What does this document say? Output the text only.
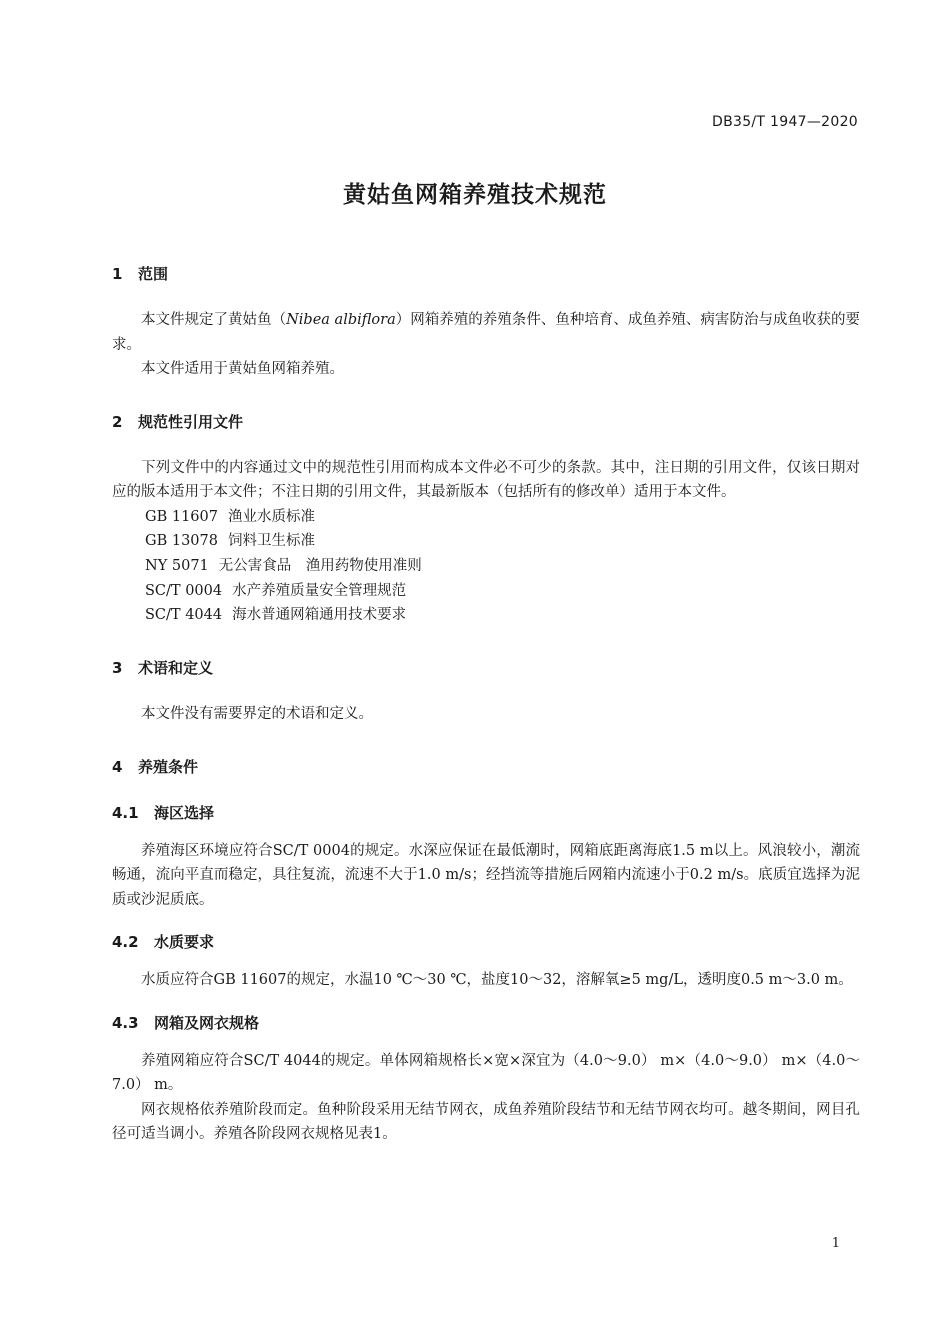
DB35/T 1947—2020
黄姑鱼网箱养殖技术规范
1 范围

本文件规定了黄姑鱼（Nibea albiflora）网箱养殖的养殖条件、鱼种培育、成鱼养殖、病害防治与成鱼收获的要求。

本文件适用于黄姑鱼网箱养殖。

2 规范性引用文件

下列文件中的内容通过文中的规范性引用而构成本文件必不可少的条款。其中，注日期的引用文件，仅该日期对应的版本适用于本文件；不注日期的引用文件，其最新版本（包括所有的修改单）适用于本文件。

GB 11607 渔业水质标准
GB 13078 饲料卫生标准
NY 5071 无公害食品　渔用药物使用准则
SC/T 0004 水产养殖质量安全管理规范
SC/T 4044 海水普通网箱通用技术要求
3 术语和定义

本文件没有需要界定的术语和定义。

4 养殖条件
4.1 海区选择

养殖海区环境应符合SC/T 0004的规定。水深应保证在最低潮时，网箱底距离海底1.5 m以上。风浪较小，潮流畅通，流向平直而稳定，具往复流，流速不大于1.0 m/s；经挡流等措施后网箱内流速小于0.2 m/s。底质宜选择为泥质或沙泥质底。

4.2 水质要求

水质应符合GB 11607的规定，水温10 ℃～30 ℃，盐度10～32，溶解氧≥5 mg/L，透明度0.5 m～3.0 m。

4.3 网箱及网衣规格

养殖网箱应符合SC/T 4044的规定。单体网箱规格长×宽×深宜为（4.0～9.0） m×（4.0～9.0） m×（4.0～7.0） m。

网衣规格依养殖阶段而定。鱼种阶段采用无结节网衣，成鱼养殖阶段结节和无结节网衣均可。越冬期间，网目孔径可适当调小。养殖各阶段网衣规格见表1。

1
